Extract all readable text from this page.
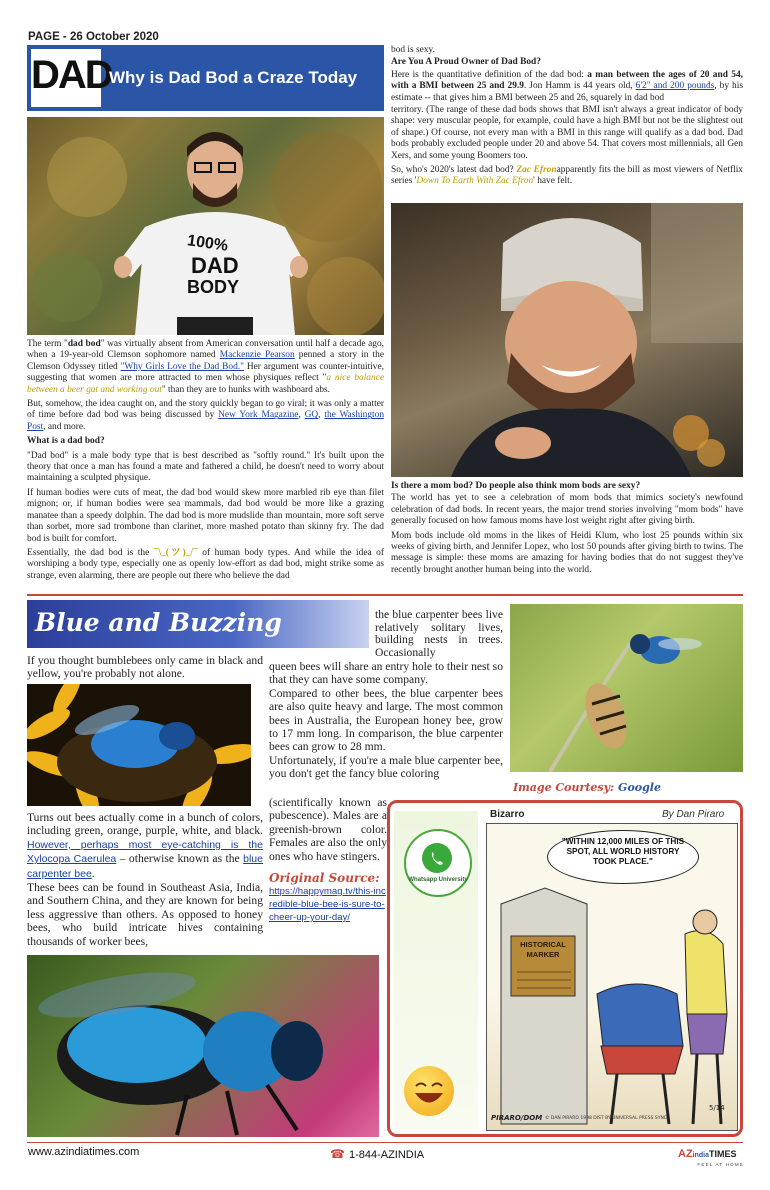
PAGE - 26 October 2020
DAD
Why is Dad Bod a Craze Today
100%
DAD
BODY

The term "dad bod" was virtually absent from American conversation until half a decade ago, when a 19-year-old Clemson sophomore named Mackenzie Pearson penned a story in the Clemson Odyssey titled "Why Girls Love the Dad Bod." Her argument was counter-intuitive, suggesting that women are more attracted to men whose physiques reflect "a nice balance between a beer gut and working out" than they are to hunks with washboard abs.

But, somehow, the idea caught on, and the story quickly began to go viral; it was only a matter of time before dad bod was being discussed by New York Magazine, GQ, the Washington Post, and more.

What is a dad bod?

"Dad bod" is a male body type that is best described as "softly round." It's built upon the theory that once a man has found a mate and fathered a child, he doesn't need to worry about maintaining a sculpted physique.

If human bodies were cuts of meat, the dad bod would skew more marbled rib eye than filet mignon; or, if human bodies were sea mammals, dad bod would be more like a grazing manatee than a speedy dolphin. The dad bod is more mudslide than mountain, more soft serve than sorbet, more sad trombone than clarinet, more mashed potato than skinny fry. The dad bod is built for comfort.

Essentially, the dad bod is the ¯\_(ツ)_/¯ of human body types. And while the idea of worshiping a body type, especially one as openly low-effort as dad bod, might strike some as strange, even alarming, there are people out there who believe the dad

bod is sexy.

Are You A Proud Owner of Dad Bod?

Here is the quantitative definition of the dad bod: a man between the ages of 20 and 54, with a BMI between 25 and 29.9. Jon Hamm is 44 years old, 6'2" and 200 pounds, by his estimate -- that gives him a BMI between 25 and 26, squarely in dad bod

territory. (The range of these dad bods shows that BMI isn't always a great indicator of body shape: very muscular people, for example, could have a high BMI but not be the slightest out of shape.) Of course, not every man with a BMI in this range will qualify as a dad bod. Dad bods probably excluded people under 20 and above 54. That covers most millennials, all Gen Xers, and some young Boomers too.

So, who's 2020's latest dad bod? Zac Efronapparently fits the bill as most viewers of Netflix series 'Down To Earth With Zac Efron' have felt.

Is there a mom bod? Do people also think mom bods are sexy?

The world has yet to see a celebration of mom bods that mimics society's newfound celebration of dad bods. In recent years, the major trend stories involving "mom bods" have generally focused on how famous moms have lost weight right after giving birth.

Mom bods include old moms in the likes of Heidi Klum, who lost 25 pounds within six weeks of giving birth, and Jennifer Lopez, who lost 50 pounds after giving birth to twins. The message is simple: these moms are amazing for having bodies that do not suggest they've recently brought another human being into the world.

Blue and Buzzing

If you thought bumblebees only came in black and yellow, you're probably not alone.

Turns out bees actually come in a bunch of colors, including green, orange, purple, white, and black. However, perhaps most eye-catching is the Xylocopa Caerulea – otherwise known as the blue carpenter bee.

These bees can be found in Southeast Asia, India, and Southern China, and they are known for being less aggressive than others. As opposed to honey bees, who build intricate hives containing thousands of worker bees,

the blue carpenter bees live relatively solitary lives, building nests in trees. Occasionally

queen bees will share an entry hole to their nest so that they can have some company.

Compared to other bees, the blue carpenter bees are also quite heavy and large. The most common bees in Australia, the European honey bee, grow to 17 mm long. In comparison, the blue carpenter bees can grow to 28 mm.

Unfortunately, if you're a male blue carpenter bee, you don't get the fancy blue coloring

(scientifically known as pubescence). Males are a greenish-brown color. Females are also the only ones who have stingers.

Original Source:
https://happymag.tv/this-incredible-blue-bee-is-sure-to-cheer-up-your-day/
Image Courtesy: Google
Whatsapp University
Bizarro	By Dan Piraro
"WITHIN 12,000 MILES OF THIS SPOT, ALL WORLD HISTORY TOOK PLACE."
HISTORICAL
MARKER
5/14
PIRARO/DOM © DAN PIRARO 1998 DIST BY UNIVERSAL PRESS SYND.
www.azindiatimes.com	☎ 1-844-AZINDIA	AZindiaTIMES
FEEL AT HOME
